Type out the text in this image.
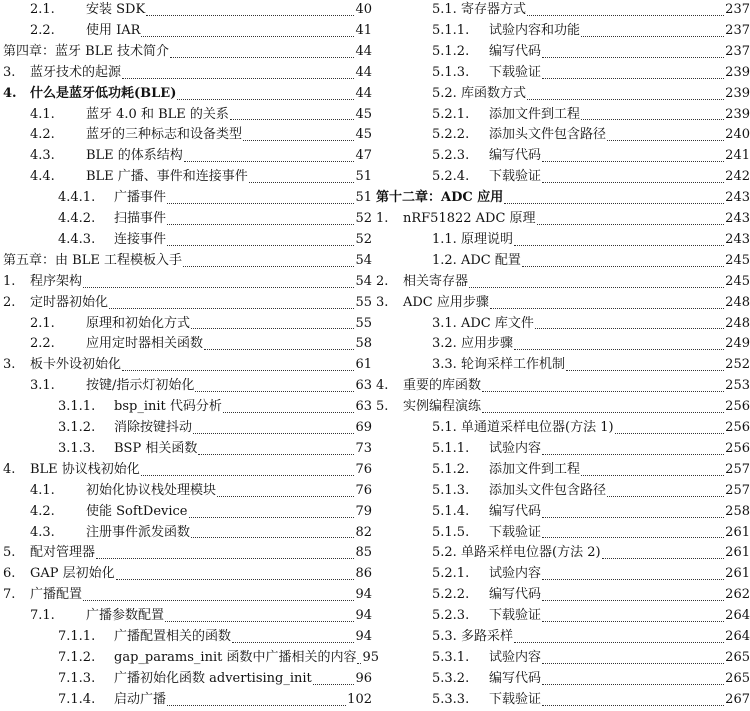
2.1.	安装 SDK	40
2.2.	使用 IAR	41
第四章： 蓝牙 BLE 技术简介	44
3.	蓝牙技术的起源	44
4.	什么是蓝牙低功耗(BLE)	44
4.1.	蓝牙 4.0 和 BLE 的关系	45
4.2.	蓝牙的三种标志和设备类型	45
4.3.	BLE 的体系结构	47
4.4.	BLE 广播、事件和连接事件	51
4.4.1.	广播事件	51
4.4.2.	扫描事件	52
4.4.3.	连接事件	52
第五章： 由 BLE 工程模板入手	54
1.	程序架构	54
2.	定时器初始化	55
2.1.	原理和初始化方式	55
2.2.	应用定时器相关函数	58
3.	板卡外设初始化	61
3.1.	按键/指示灯初始化	63
3.1.1.	bsp_init 代码分析	63
3.1.2.	消除按键抖动	69
3.1.3.	BSP 相关函数	73
4.	BLE 协议栈初始化	76
4.1.	初始化协议栈处理模块	76
4.2.	使能 SoftDevice	79
4.3.	注册事件派发函数	82
5.	配对管理器	85
6.	GAP 层初始化	86
7.	广播配置	94
7.1.	广播参数配置	94
7.1.1.	广播配置相关的函数	94
7.1.2.	gap_params_init 函数中广播相关的内容 95
7.1.3.	广播初始化函数 advertising_init	96
7.1.4.	启动广播	102
5.1. 寄存器方式	237
5.1.1.	试验内容和功能	237
5.1.2.	编写代码	237
5.1.3.	下载验证	239
5.2. 库函数方式	239
5.2.1.	添加文件到工程	239
5.2.2.	添加头文件包含路径	240
5.2.3.	编写代码	241
5.2.4.	下载验证	242
第十二章： ADC 应用	243
1.	nRF51822 ADC 原理	243
1.1. 原理说明	243
1.2. ADC 配置	245
2.	相关寄存器	245
3.	ADC 应用步骤	248
3.1. ADC 库文件	248
3.2. 应用步骤	249
3.3. 轮询采样工作机制	252
4.	重要的库函数	253
5.	实例编程演练	256
5.1. 单通道采样电位器(方法 1)	256
5.1.1.	试验内容	256
5.1.2.	添加文件到工程	257
5.1.3.	添加头文件包含路径	257
5.1.4.	编写代码	258
5.1.5.	下载验证	261
5.2. 单路采样电位器(方法 2)	261
5.2.1.	试验内容	261
5.2.2.	编写代码	262
5.2.3.	下载验证	264
5.3. 多路采样	264
5.3.1.	试验内容	265
5.3.2.	编写代码	265
5.3.3.	下载验证	267
